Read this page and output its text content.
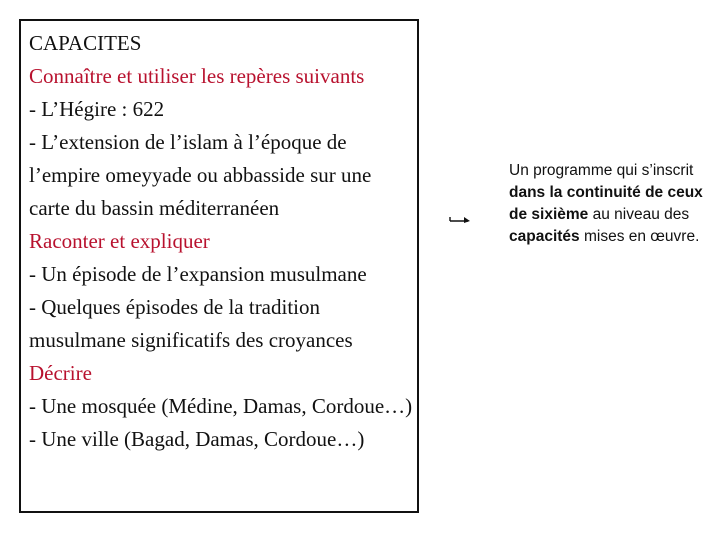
CAPACITES

Connaître et utiliser les repères suivants

- L’Hégire : 622

- L’extension de l’islam à l’époque de l’empire omeyyade ou abbasside sur une carte du bassin méditerranéen

Raconter et expliquer

- Un épisode de l’expansion musulmane

- Quelques épisodes de la tradition musulmane significatifs des croyances

Décrire

- Une mosquée (Médine, Damas, Cordoue…)

- Une ville (Bagad, Damas, Cordoue…)

Un programme qui s’inscrit dans la continuité de ceux de sixième au niveau des capacités mises en œuvre.
